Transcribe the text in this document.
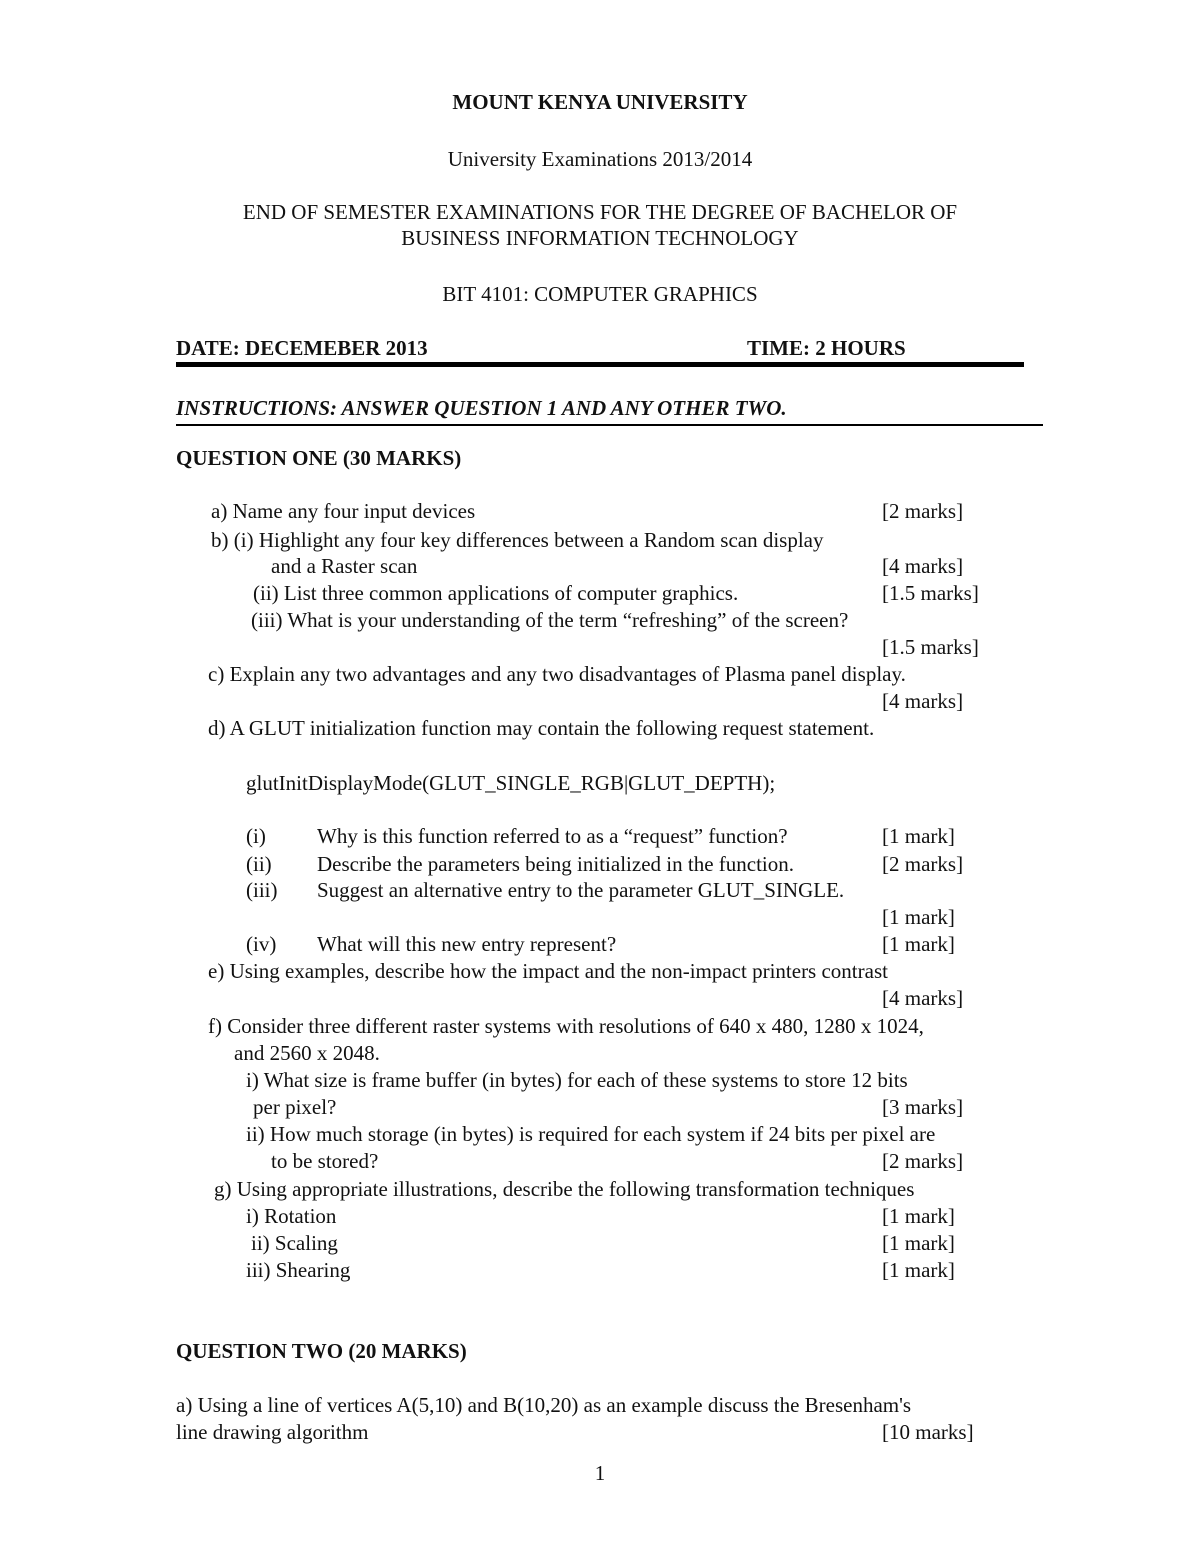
MOUNT KENYA UNIVERSITY
University Examinations 2013/2014
END OF SEMESTER EXAMINATIONS FOR THE DEGREE OF BACHELOR OF
BUSINESS INFORMATION TECHNOLOGY
BIT 4101: COMPUTER GRAPHICS
DATE: DECEMEBER 2013	TIME: 2 HOURS
INSTRUCTIONS: ANSWER QUESTION 1 AND ANY OTHER TWO.
QUESTION ONE (30 MARKS)
a) Name any four input devices	[2 marks]
b) (i) Highlight any four key differences between a Random scan display
and a Raster scan	[4 marks]
(ii) List three common applications of computer graphics.	[1.5 marks]
(iii) What is your understanding of the term “refreshing” of the screen?
[1.5 marks]
c) Explain any two advantages and any two disadvantages of Plasma panel display.
[4 marks]
d) A GLUT initialization function may contain the following request statement.
glutInitDisplayMode(GLUT_SINGLE_RGB|GLUT_DEPTH);
(i) Why is this function referred to as a “request” function?	[1 mark]
(ii) Describe the parameters being initialized in the function.	[2 marks]
(iii) Suggest an alternative entry to the parameter GLUT_SINGLE.
[1 mark]
(iv) What will this new entry represent?	[1 mark]
e) Using examples, describe how the impact and the non-impact printers contrast
[4 marks]
f) Consider three different raster systems with resolutions of 640 x 480, 1280 x 1024,
and 2560 x 2048.
i) What size is frame buffer (in bytes) for each of these systems to store 12 bits
per pixel?	[3 marks]
ii) How much storage (in bytes) is required for each system if 24 bits per pixel are
to be stored?	[2 marks]
g) Using appropriate illustrations, describe the following transformation techniques
i) Rotation	[1 mark]
ii) Scaling	[1 mark]
iii) Shearing	[1 mark]
QUESTION TWO (20 MARKS)
a) Using a line of vertices A(5,10) and B(10,20) as an example discuss the Bresenham's
line drawing algorithm	[10 marks]
1
